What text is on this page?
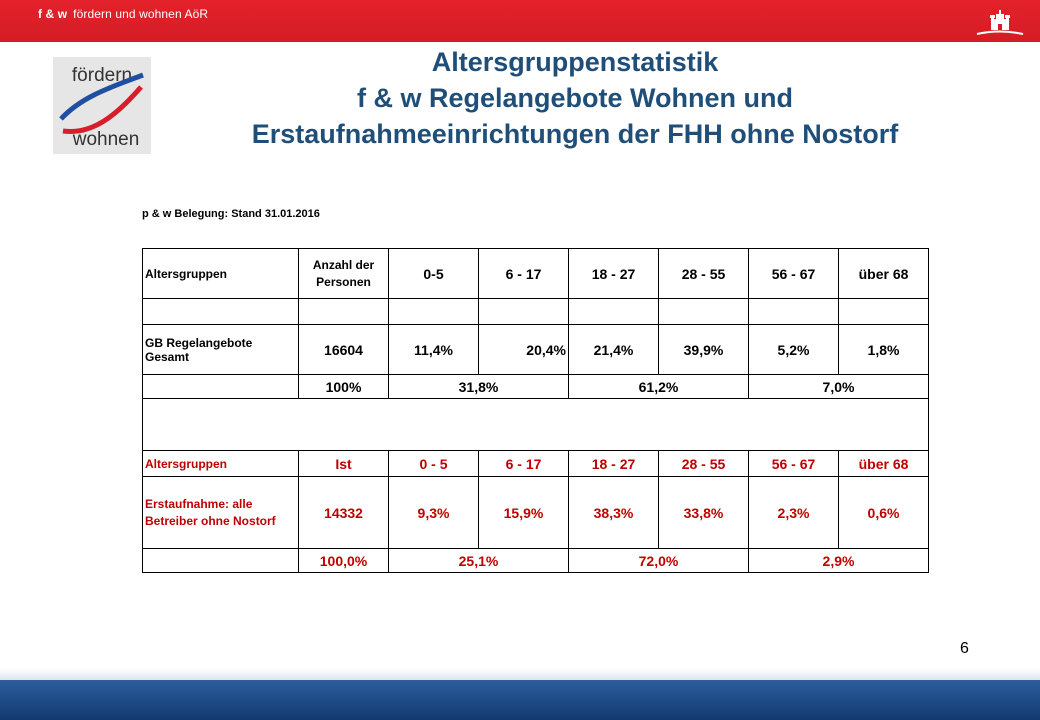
f & w fördern und wohnen AöR
fördern
wohnen
Altersgruppenstatistik
f & w Regelangebote Wohnen und
Erstaufnahmeeinrichtungen der FHH ohne Nostorf
p & w Belegung: Stand 31.01.2016
Altersgruppen	Anzahl der Personen	0-5	6 - 17	18 - 27	28 - 55	56 - 67	über 68

GB Regelangebote Gesamt	16604	11,4%	20,4%	21,4%	39,9%	5,2%	1,8%
	100%	31,8%		61,2%		7,0%	

Altersgruppen	Ist	0 - 5	6 - 17	18 - 27	28 - 55	56 - 67	über 68
Erstaufnahme: alle Betreiber ohne Nostorf	14332	9,3%	15,9%	38,3%	33,8%	2,3%	0,6%
	100,0%	25,1%		72,0%		2,9%	
6
